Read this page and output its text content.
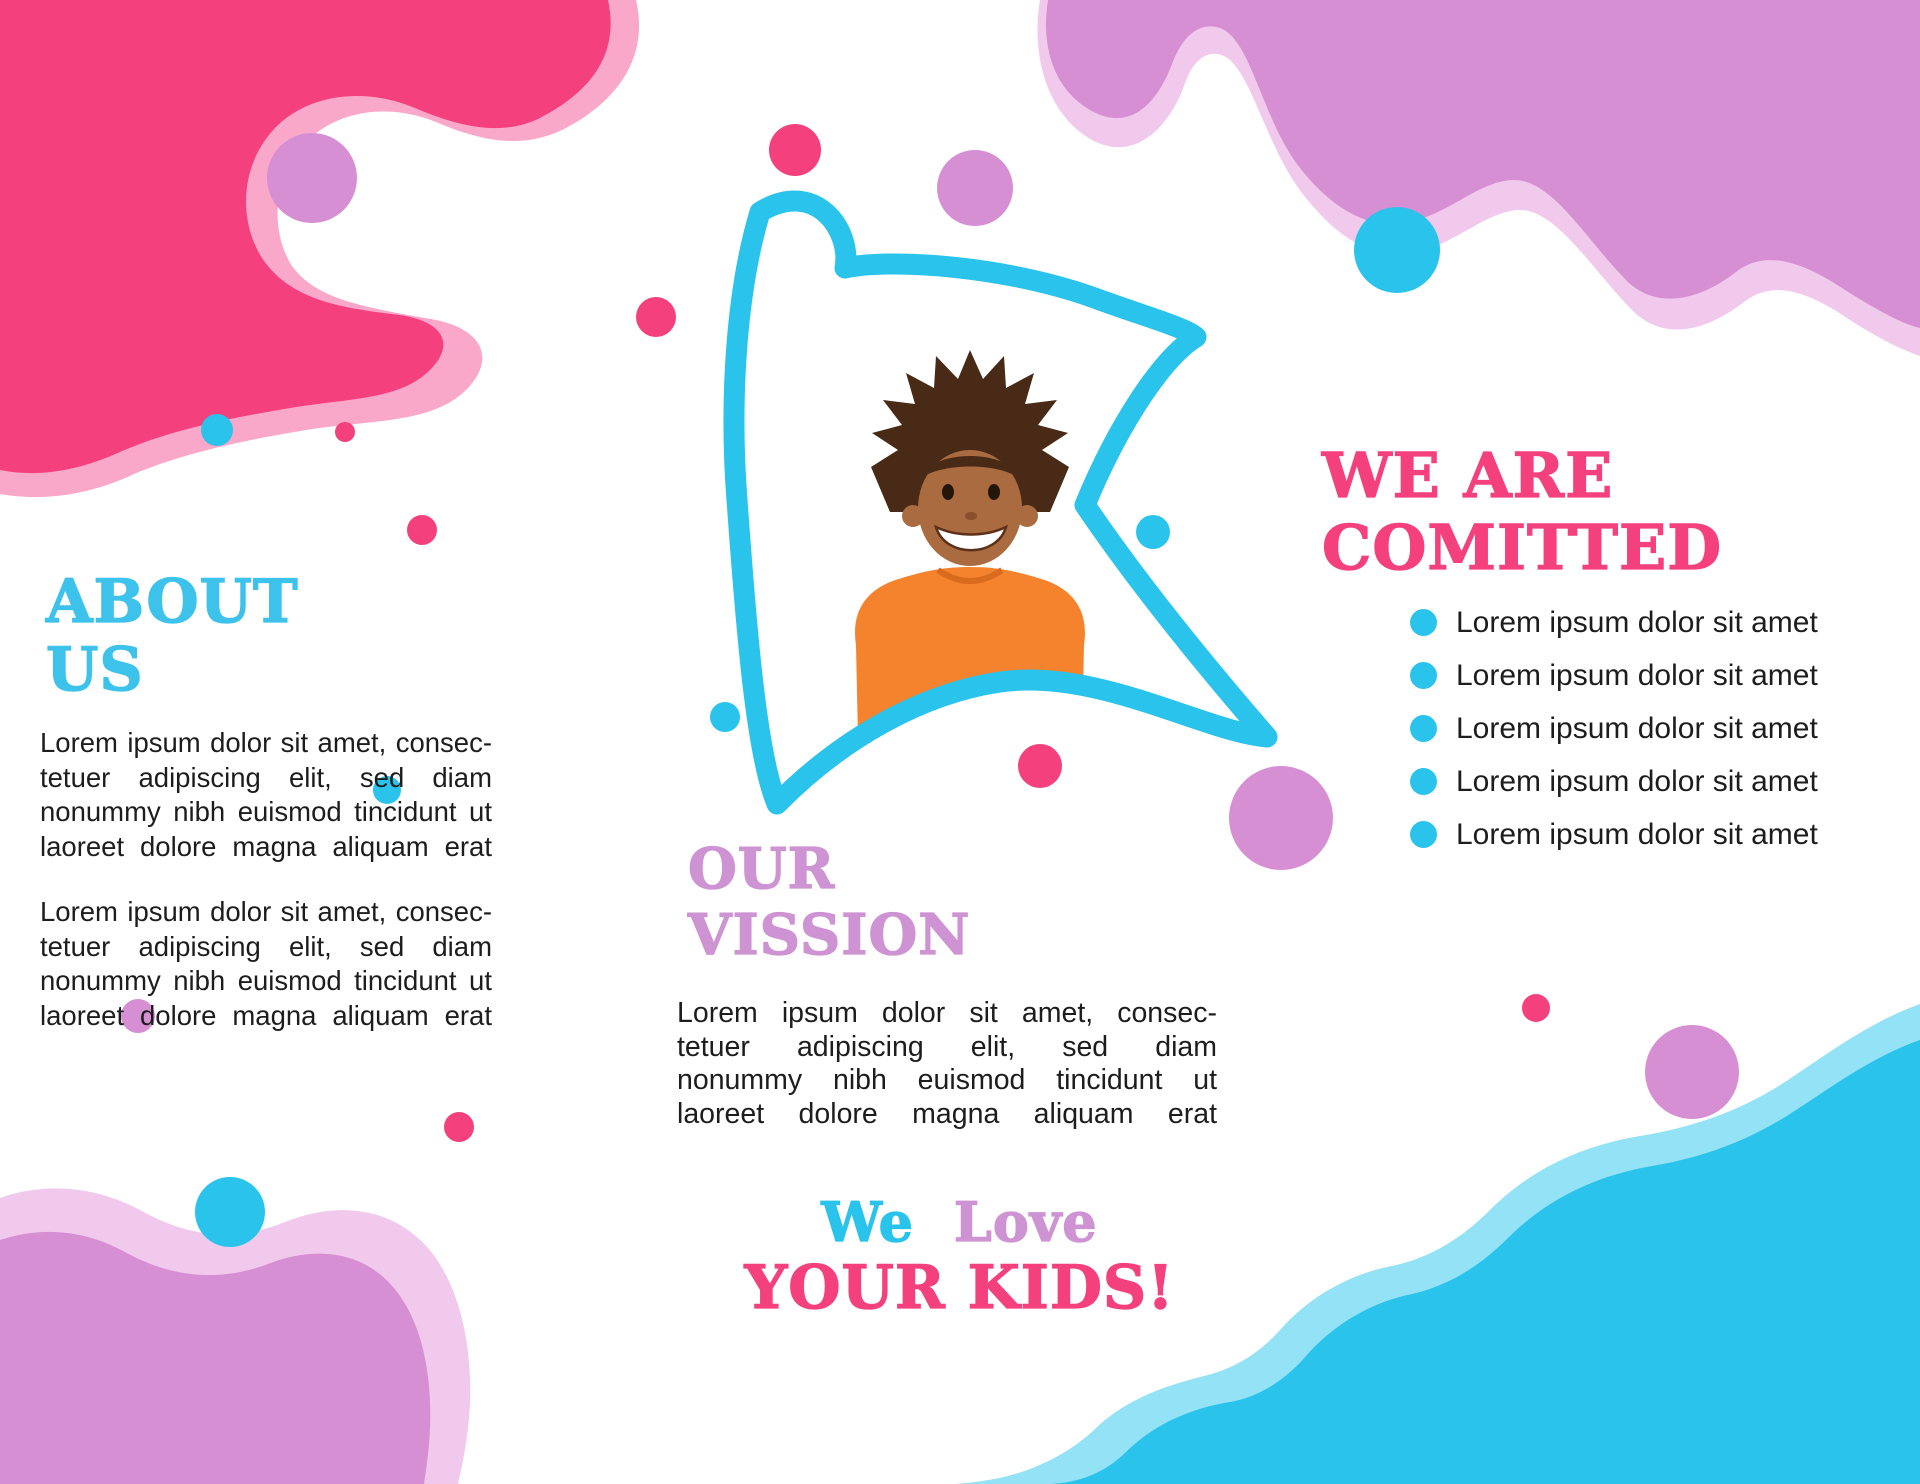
ABOUT
US
Lorem ipsum dolor sit amet, consec-
tetuer adipiscing elit, sed diam
nonummy nibh euismod tincidunt ut
laoreet dolore magna aliquam erat
Lorem ipsum dolor sit amet, consec-
tetuer adipiscing elit, sed diam
nonummy nibh euismod tincidunt ut
laoreet dolore magna aliquam erat
OUR
VISSION
Lorem ipsum dolor sit amet, consec-
tetuer adipiscing elit, sed diam
nonummy nibh euismod tincidunt ut
laoreet dolore magna aliquam erat
We Love
YOUR KIDS!
WE ARE
COMITTED
Lorem ipsum dolor sit amet
Lorem ipsum dolor sit amet
Lorem ipsum dolor sit amet
Lorem ipsum dolor sit amet
Lorem ipsum dolor sit amet
